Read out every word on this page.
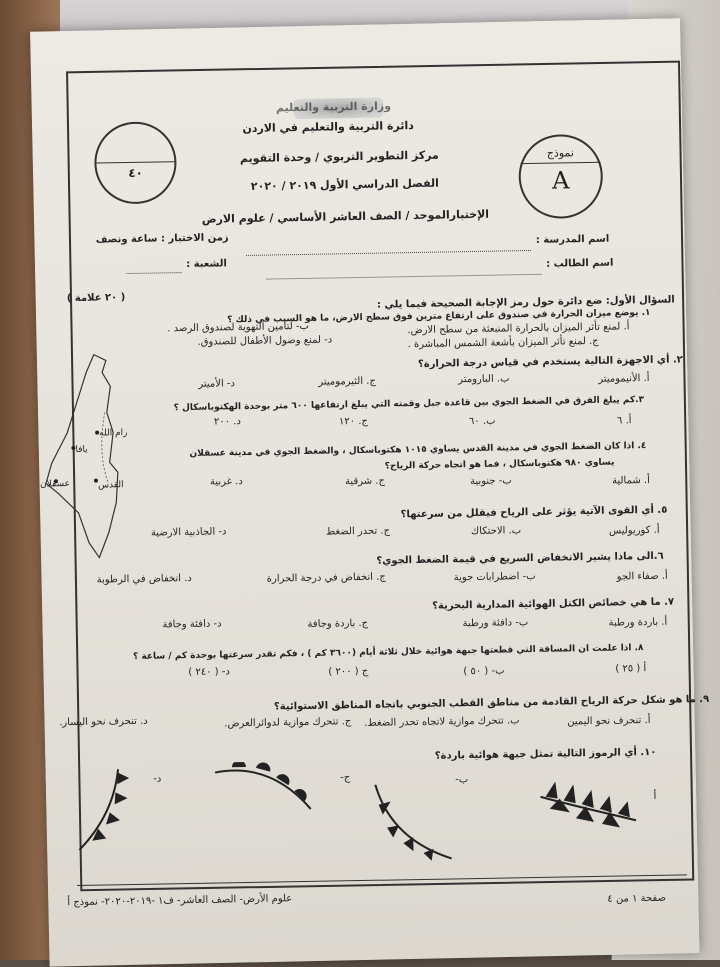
وزارة التربية والتعليم
دائرة التربية والتعليم في الاردن
٤٠
نموذج
A
مركز التطوير التربوي / وحدة التقويم
الفصل الدراسي الأول ٢٠١٩ / ٢٠٢٠
الإختبارالموحد / الصف العاشر الأساسي / علوم الارض
اسم المدرسة :
اسم الطالب :
زمن الاختبار : ساعة ونصف
الشعبة :
( ٢٠ علامة )	السؤال الأول: ضع دائرة حول رمز الإجابة الصحيحة فيما يلي :
١. يوضع ميزان الحرارة في صندوق على ارتفاع مترين فوق سطح الارض، ما هو السبب في ذلك ؟
أ. لمنع تأثر الميزان بالحرارة المنبعثة من سطح الارض.
ب- لتأمين التهوية لصندوق الرصد .
ج. لمنع تأثر الميزان بأشعة الشمس المباشرة .
د- لمنع وصول الأطفال للصندوق.
٢. أي الاجهزة التالية يستخدم في قياس درجة الحرارة؟
أ. الأنيموميتر
ب. البارومتر
ج. الثيرموميتر
د- الأميتر
٣.كم يبلغ الفرق في الضغط الجوي بين قاعدة جبل وقمته التي يبلغ ارتفاعها ٦٠٠ متر بوحدة الهكتوباسكال ؟
أ. ٦
ب. ٦٠
ج. ١٢٠
د. ٢٠٠
٤. اذا كان الضغط الجوي في مدينة القدس يساوي ١٠١٥ هكتوباسكال ، والضغط الجوي في مدينة عسقلان
يساوي ٩٨٠ هكتوباسكال ، فما هو اتجاه حركة الرياح؟
أ. شمالية
ب- جنوبية
ج. شرقية
د. غربية
٥. أي القوى الآتية يؤثر على الرياح فيقلل من سرعتها؟
أ. كوريوليس
ب. الاحتكاك
ج. تحدر الضغط
د- الجاذبية الارضية
٦.الى ماذا يشير الانخفاض السريع في قيمة الضغط الجوي؟
أ. صفاء الجو
ب- اضطرابات جوية
ج. انخفاض في درجة الحرارة
د. انخفاض في الرطوبة
٧. ما هي خصائص الكتل الهوائية المدارية البحرية؟
أ. باردة ورطبة
ب- دافئة ورطبة
ج. باردة وجافة
د- دافئة وجافة
٨. اذا علمت ان المسافة التي قطعتها جبهة هوائية خلال ثلاثة أيام (٣٦٠٠ كم ) ، فكم تقدر سرعتها بوحدة كم / ساعة ؟
أ ( ٢٥ )
ب- ( ٥٠ )
ج ( ٢٠٠ )
د- ( ٢٤٠ )
٩. ما هو شكل حركة الرياح القادمة من مناطق القطب الجنوبي باتجاه المناطق الاستوائية؟
أ. تنحرف نحو اليمين
ب. تتحرك موازية لاتجاه تحدر الضغط.
ج. تتحرك موازية لدوائرالعرض.
د. تنحرف نحو اليسار.
١٠. أي الرموز التالية تمثل جبهة هوائية باردة؟
أ
ب-
ج-
د-
يافا
رام الله
القدس
عسقلان
علوم الأرض- الصف العاشر- ف١ -٢٠١٩-٢٠٢٠- نموذج أ	صفحة ١ من ٤
